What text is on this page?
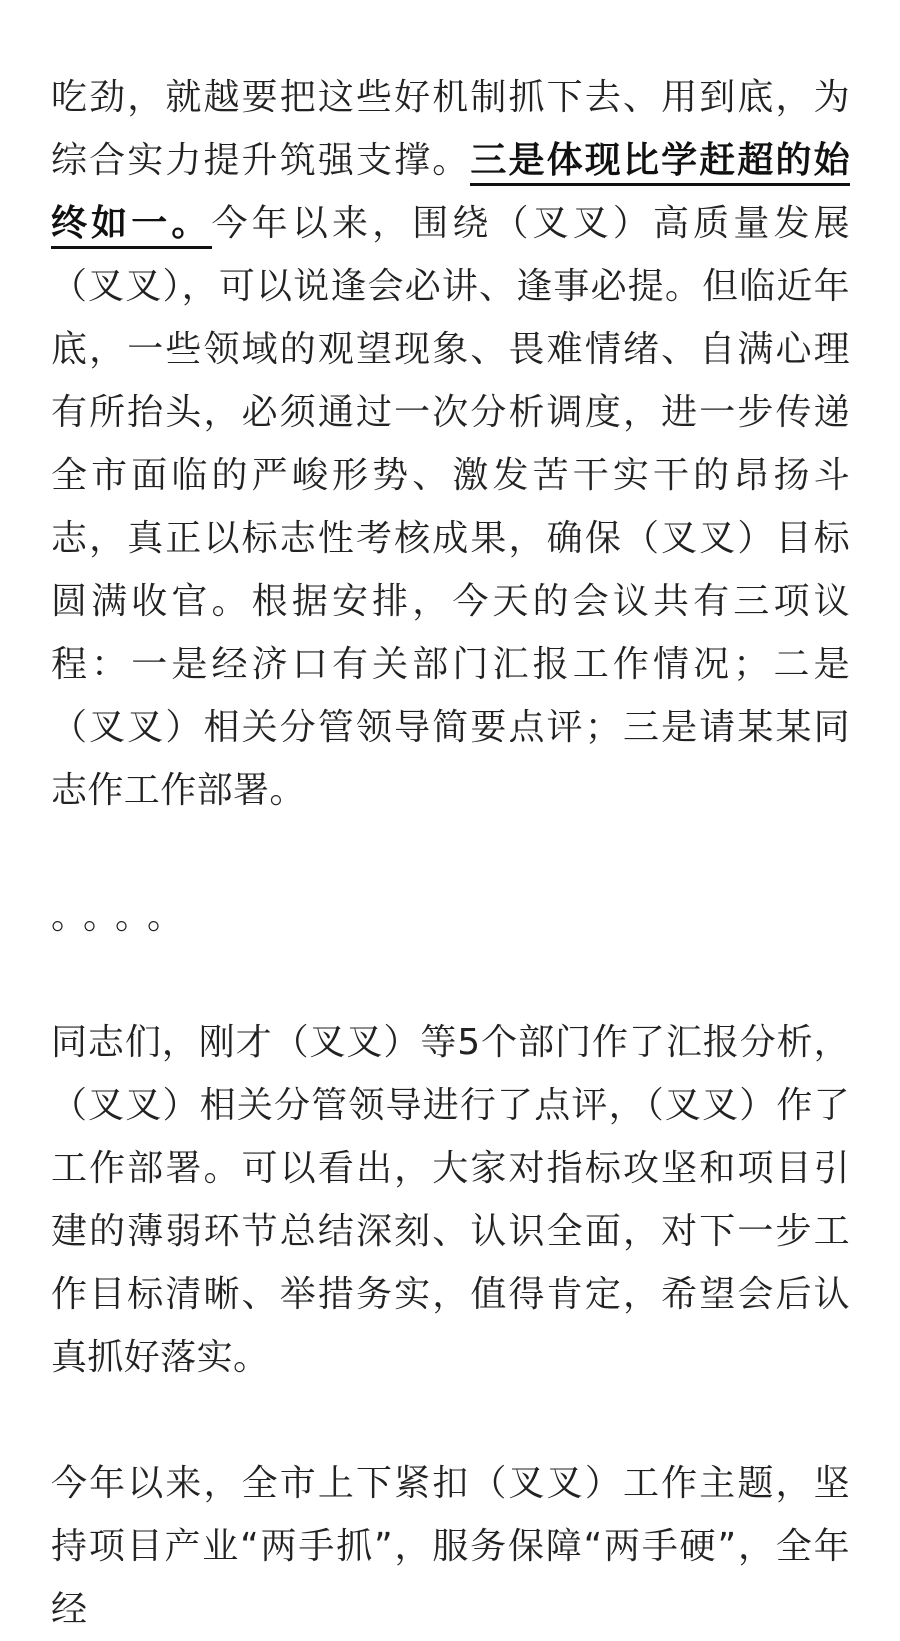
吃劲，就越要把这些好机制抓下去、用到底，为综合实力提升筑强支撑。三是体现比学赶超的始终如一。今年以来，围绕（叉叉）高质量发展（叉叉），可以说逢会必讲、逢事必提。但临近年底，一些领域的观望现象、畏难情绪、自满心理有所抬头，必须通过一次分析调度，进一步传递全市面临的严峻形势、激发苦干实干的昂扬斗志，真正以标志性考核成果，确保（叉叉）目标圆满收官。根据安排，今天的会议共有三项议程：一是经济口有关部门汇报工作情况；二是（叉叉）相关分管领导简要点评；三是请某某同志作工作部署。

。。。。

同志们，刚才（叉叉）等5个部门作了汇报分析，（叉叉）相关分管领导进行了点评，（叉叉）作了工作部署。可以看出，大家对指标攻坚和项目引建的薄弱环节总结深刻、认识全面，对下一步工作目标清晰、举措务实，值得肯定，希望会后认真抓好落实。

今年以来，全市上下紧扣（叉叉）工作主题，坚持项目产业“两手抓”，服务保障“两手硬”，全年经
